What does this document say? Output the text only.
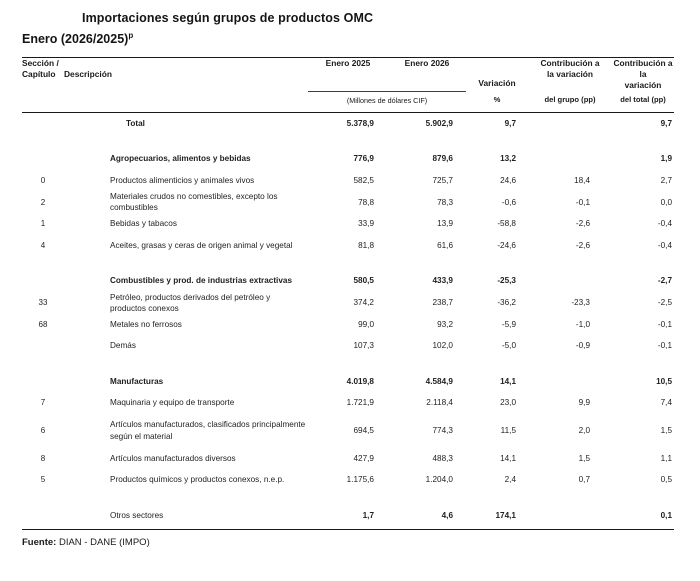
Importaciones según grupos de productos OMC
Enero $(2026/2025)^p$
Sección /
Capítulo	Descripción	Enero 2025	Enero 2026	Variación	
Contribución a
la variación

Contribución a la
variación

		(Millones de dólares CIF)		%	del grupo (pp)	del total (pp)
	Total	5.378,9	5.902,9	9,7		9,7

	Agropecuarios, alimentos y bebidas	776,9	879,6	13,2		1,9
0	Productos alimenticios y animales vivos	582,5	725,7	24,6	18,4	2,7
2	Materiales crudos no comestibles, excepto los combustibles	78,8	78,3	-0,6	-0,1	0,0
1	Bebidas y tabacos	33,9	13,9	-58,8	-2,6	-0,4
4	Aceites, grasas y ceras de origen animal y vegetal	81,8	61,6	-24,6	-2,6	-0,4

	Combustibles y prod. de industrias extractivas	580,5	433,9	-25,3		-2,7
33	Petróleo, productos derivados del petróleo y productos conexos	374,2	238,7	-36,2	-23,3	-2,5
68	Metales no ferrosos	99,0	93,2	-5,9	-1,0	-0,1
	Demás	107,3	102,0	-5,0	-0,9	-0,1

	Manufacturas	4.019,8	4.584,9	14,1		10,5
7	Maquinaria y equipo de transporte	1.721,9	2.118,4	23,0	9,9	7,4
6	Artículos manufacturados, clasificados principalmente según el material	694,5	774,3	11,5	2,0	1,5
8	Artículos manufacturados diversos	427,9	488,3	14,1	1,5	1,1
5	Productos químicos y productos conexos, n.e.p.	1.175,6	1.204,0	2,4	0,7	0,5

	Otros sectores	1,7	4,6	174,1		0,1
Fuente: DIAN - DANE (IMPO)
